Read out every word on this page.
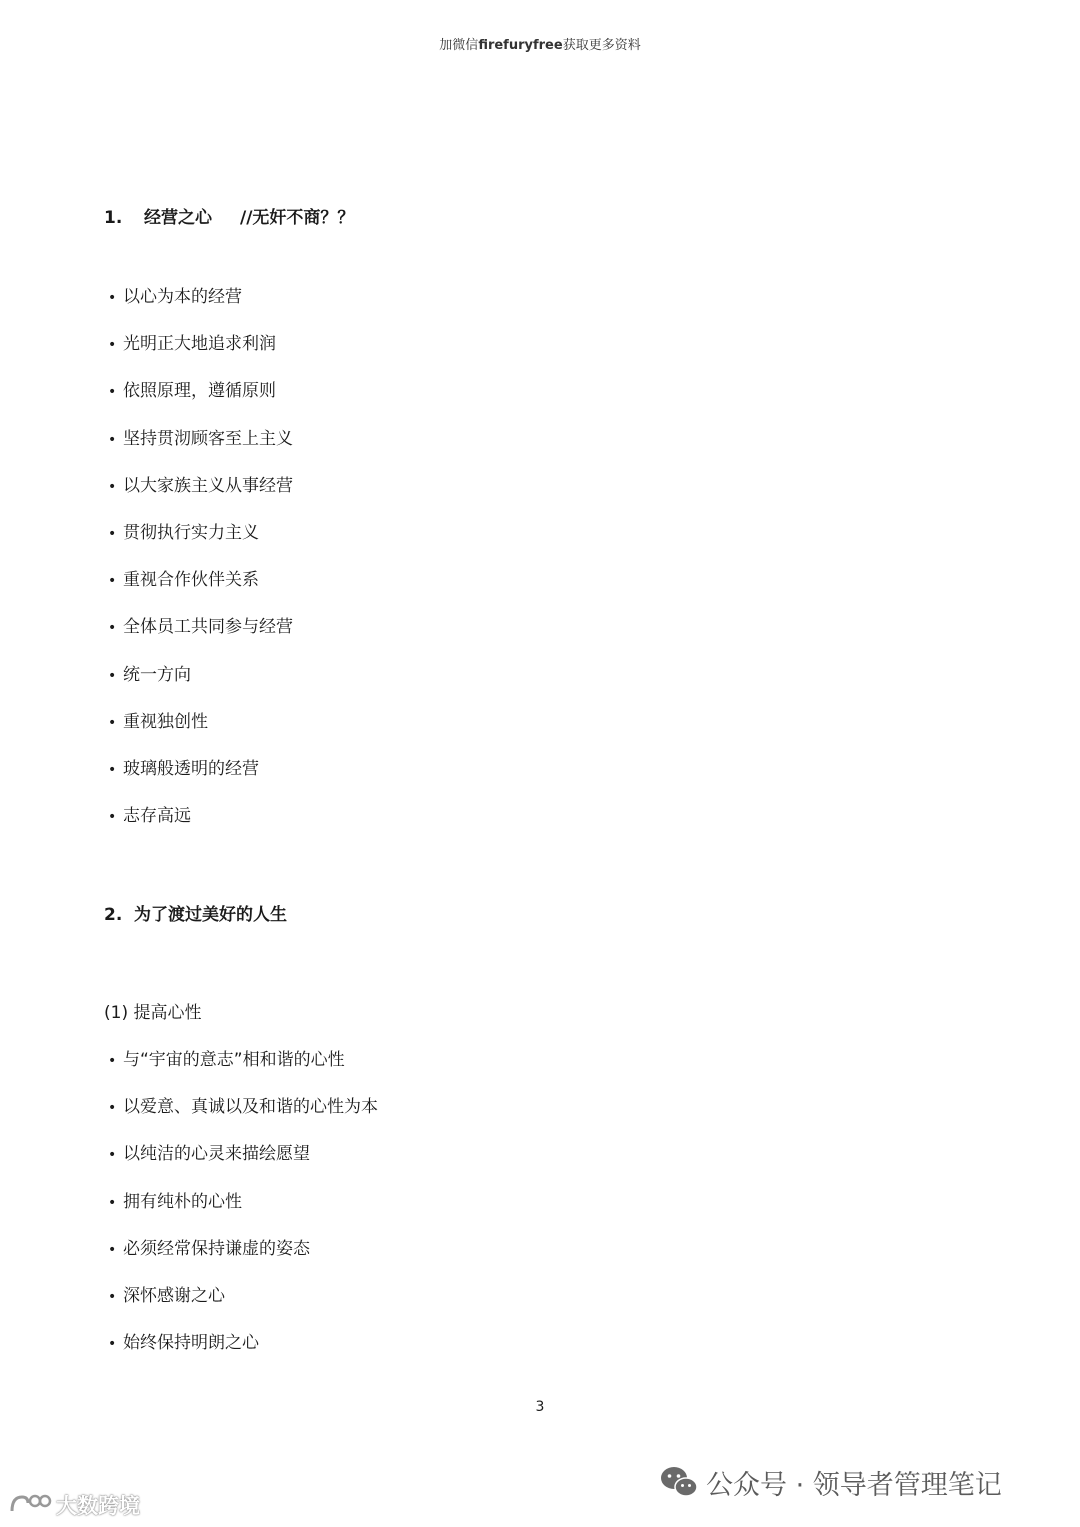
加微信firefuryfree获取更多资料
1. 经营之心 //无奸不商？？
• 以心为本的经营
• 光明正大地追求利润
• 依照原理，遵循原则
• 坚持贯沏顾客至上主义
• 以大家族主义从事经营
• 贯彻执行实力主义
• 重视合作伙伴关系
• 全体员工共同参与经营
• 统一方向
• 重视独创性
• 玻璃般透明的经营
• 志存高远
2. 为了渡过美好的人生
(1) 提高心性
• 与“宇宙的意志”相和谐的心性
• 以爱意、真诚以及和谐的心性为本
• 以纯洁的心灵来描绘愿望
• 拥有纯朴的心性
• 必须经常保持谦虚的姿态
• 深怀感谢之心
• 始终保持明朗之心
3
公众号 · 领导者管理笔记
大数跨境
